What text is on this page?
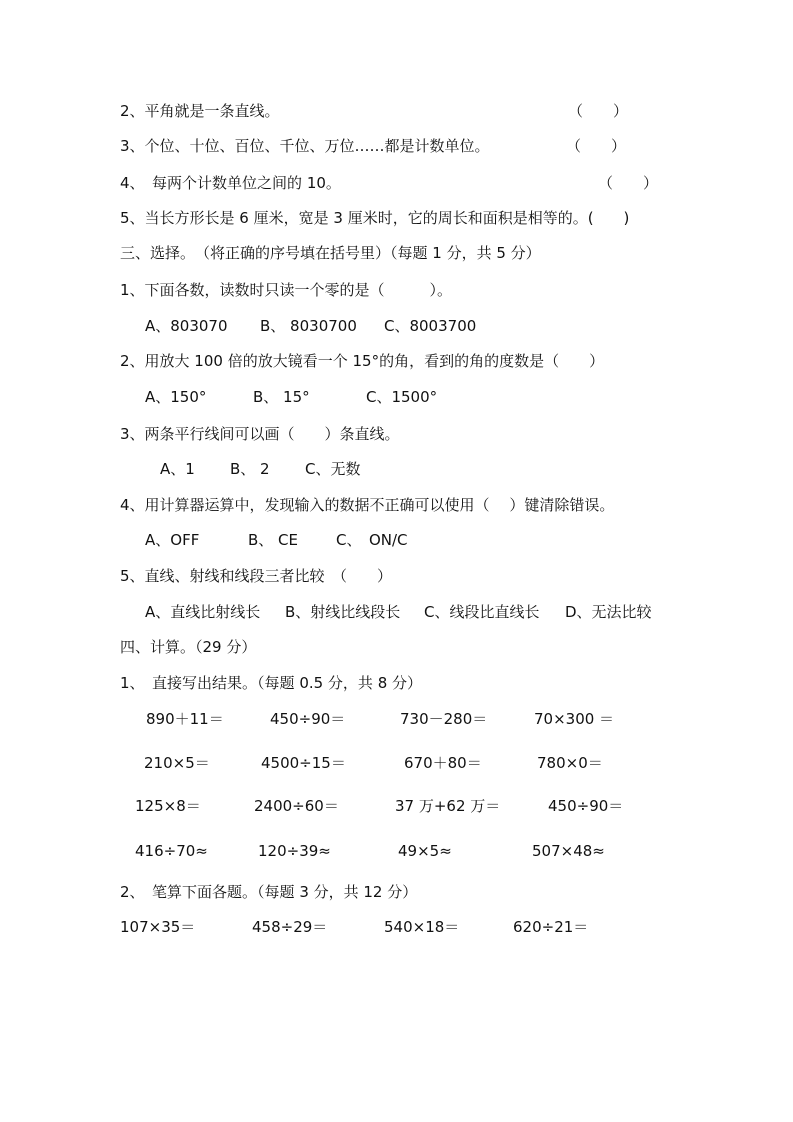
2、平角就是一条直线。	（　　）
3、个位、十位、百位、千位、万位……都是计数单位。	（　　）
4、　每两个计数单位之间的 10。	（　　）
5、当长方形长是 6 厘米，宽是 3 厘米时，它的周长和面积是相等的。(　　)
三、选择。　（将正确的序号填在括号里）（每题 1 分，共 5 分）
1、下面各数，读数时只读一个零的是（　　　）。
A、803070 B、 8030700 C、8003700
2、用放大 100 倍的放大镜看一个 15°的角，看到的角的度数是（　　）
A、150°	B、 15°	C、1500°
3、两条平行线间可以画（　　）条直线。
A、1 B、 2 C、无数
4、用计算器运算中，发现输入的数据不正确可以使用（　 ）键清除错误。
A、OFF	B、 CE	C、　ON/C
5、直线、射线和线段三者比较　（　　）
A、直线比射线长 B、射线比线段长 C、线段比直线长 D、无法比较
四、计算。（29 分）
1、　直接写出结果。（每题 0.5 分，共 8 分）
890＋11＝	450÷90＝	730－280＝	70×300 ＝
210×5＝	4500÷15＝	670＋80＝	780×0＝
125×8＝	2400÷60＝	37 万+62 万＝	450÷90＝
416÷70≈	120÷39≈	49×5≈	507×48≈
2、　笔算下面各题。（每题 3 分，共 12 分）
107×35＝	458÷29＝	540×18＝	620÷21＝
